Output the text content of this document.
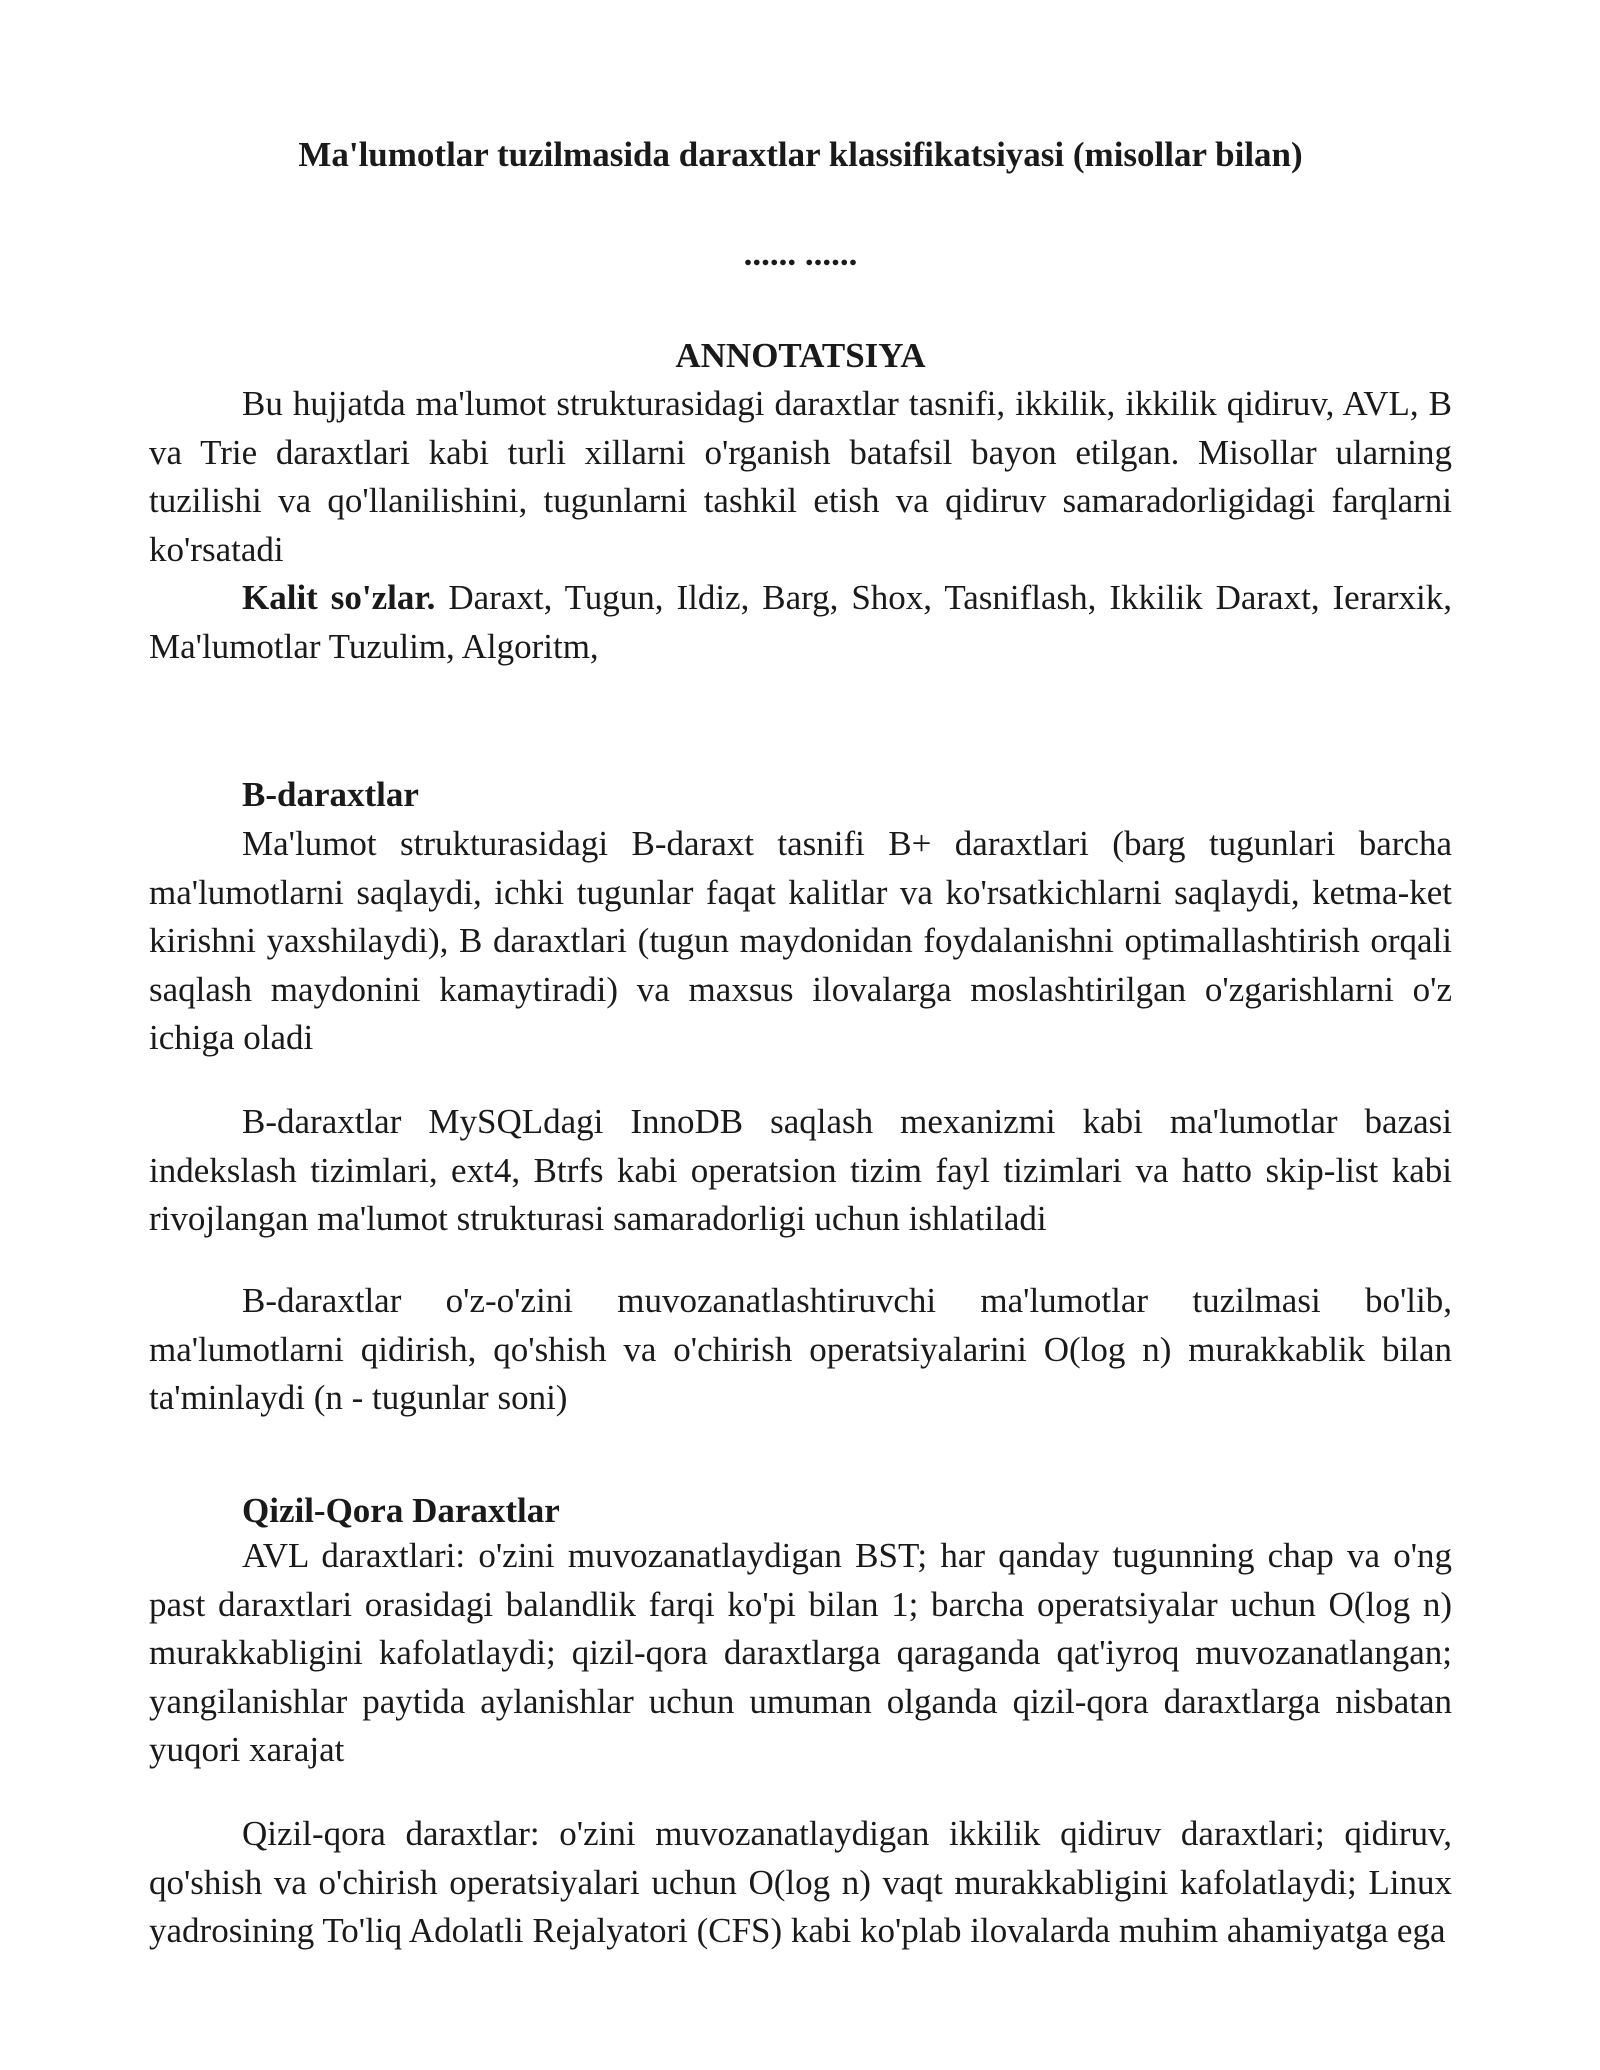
Ma'lumotlar tuzilmasida daraxtlar klassifikatsiyasi (misollar bilan)

...... ......

ANNOTATSIYA

Bu hujjatda ma'lumot strukturasidagi daraxtlar tasnifi, ikkilik, ikkilik qidiruv, AVL, B va Trie daraxtlari kabi turli xillarni o'rganish batafsil bayon etilgan. Misollar ularning tuzilishi va qo'llanilishini, tugunlarni tashkil etish va qidiruv samaradorligidagi farqlarni ko'rsatadi

Kalit so'zlar. Daraxt, Tugun, Ildiz, Barg, Shox, Tasniflash, Ikkilik Daraxt, Ierarxik, Ma'lumotlar Tuzulim, Algoritm,

B-daraxtlar

Ma'lumot strukturasidagi B-daraxt tasnifi B+ daraxtlari (barg tugunlari barcha ma'lumotlarni saqlaydi, ichki tugunlar faqat kalitlar va ko'rsatkichlarni saqlaydi, ketma-ket kirishni yaxshilaydi), B daraxtlari (tugun maydonidan foydalanishni optimallashtirish orqali saqlash maydonini kamaytiradi) va maxsus ilovalarga moslashtirilgan o'zgarishlarni o'z ichiga oladi

B-daraxtlar MySQLdagi InnoDB saqlash mexanizmi kabi ma'lumotlar bazasi indekslash tizimlari, ext4, Btrfs kabi operatsion tizim fayl tizimlari va hatto skip-list kabi rivojlangan ma'lumot strukturasi samaradorligi uchun ishlatiladi

B-daraxtlar o'z-o'zini muvozanatlashtiruvchi ma'lumotlar tuzilmasi bo'lib, ma'lumotlarni qidirish, qo'shish va o'chirish operatsiyalarini O(log n) murakkablik bilan ta'minlaydi (n - tugunlar soni)

Qizil-Qora Daraxtlar

AVL daraxtlari: o'zini muvozanatlaydigan BST; har qanday tugunning chap va o'ng past daraxtlari orasidagi balandlik farqi ko'pi bilan 1; barcha operatsiyalar uchun O(log n) murakkabligini kafolatlaydi; qizil-qora daraxtlarga qaraganda qat'iyroq muvozanatlangan; yangilanishlar paytida aylanishlar uchun umuman olganda qizil-qora daraxtlarga nisbatan yuqori xarajat

Qizil-qora daraxtlar: o'zini muvozanatlaydigan ikkilik qidiruv daraxtlari; qidiruv, qo'shish va o'chirish operatsiyalari uchun O(log n) vaqt murakkabligini kafolatlaydi; Linux yadrosining To'liq Adolatli Rejalyatori (CFS) kabi ko'plab ilovalarda muhim ahamiyatga ega
